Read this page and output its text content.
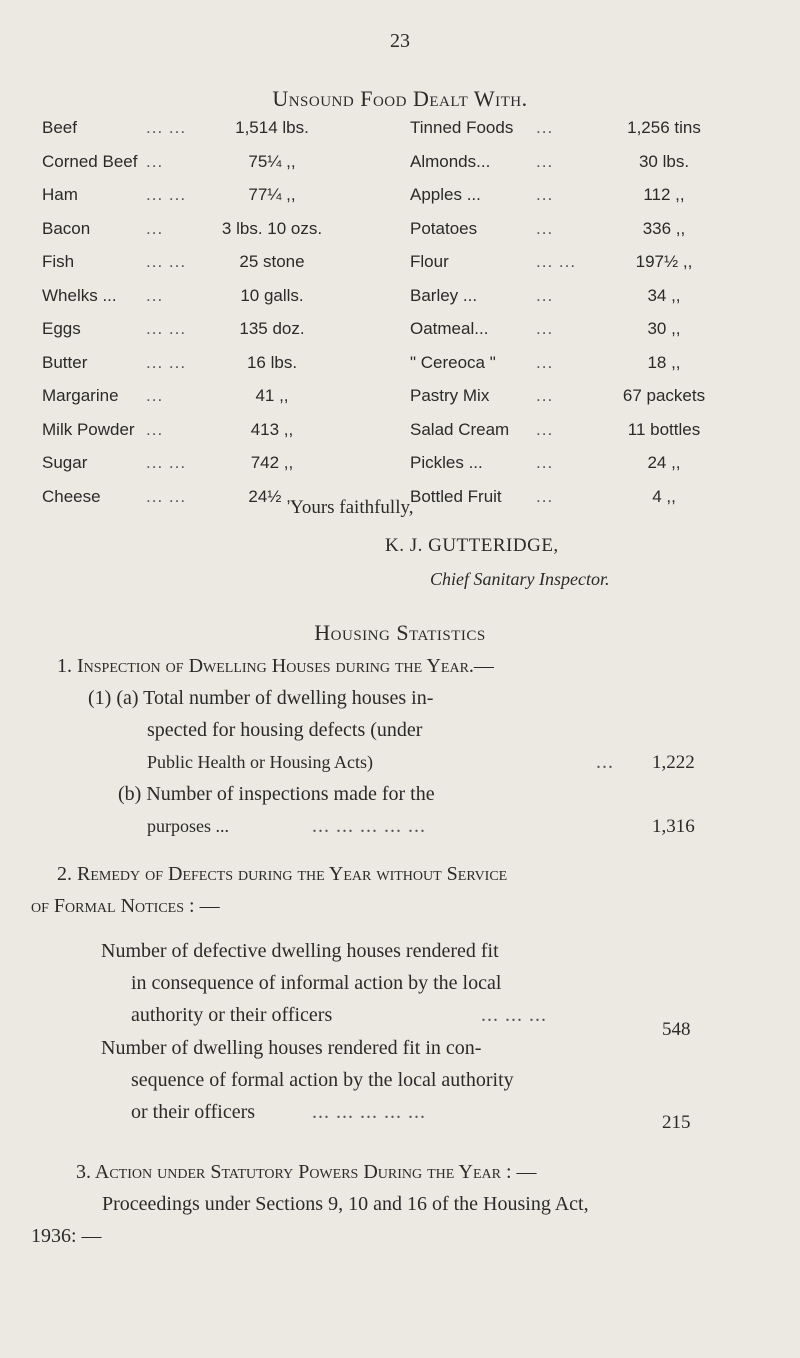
23
Unsound Food Dealt With.
Beef	1,514 lbs.	Tinned Foods	1,256 tins
... ...	...
Corned Beef	75¼ ,,	Almonds...	30 lbs.
...	...
Ham	77¼ ,,	Apples ...	112 ,,
... ...	...
Bacon	3 lbs. 10 ozs.	Potatoes	336 ,,
...	...
Fish	25 stone	Flour	197½ ,,
... ...	... ...
Whelks ...	10 galls.	Barley ...	34 ,,
...	...
Eggs	135 doz.	Oatmeal...	30 ,,
... ...	...
Butter	16 lbs.	" Cereoca "	18 ,,
... ...	...
Margarine	41 ,,	Pastry Mix	67 packets
...	...
Milk Powder	413 ,,	Salad Cream	11 bottles
...	...
Sugar	742 ,,	Pickles ...	24 ,,
... ...	...
Cheese	24½ ,,	Bottled Fruit	4 ,,
... ...	...
Yours faithfully,
K. J. GUTTERIDGE,
Chief Sanitary Inspector.
Housing Statistics
1. Inspection of Dwelling Houses during the Year.—
(1) (a) Total number of dwelling houses in-
spected for housing defects (under
Public Health or Housing Acts)	... 1,222
(b) Number of inspections made for the
purposes ...	... ... ... ... ...	1,316
2. Remedy of Defects during the Year without Service
of Formal Notices : —
Number of defective dwelling houses rendered fit
in consequence of informal action by the local
authority or their officers	... ... ...
548
Number of dwelling houses rendered fit in con-
sequence of formal action by the local authority
or their officers	... ... ... ... ...	215
3. Action under Statutory Powers During the Year : —
Proceedings under Sections 9, 10 and 16 of the Housing Act,
1936: —
